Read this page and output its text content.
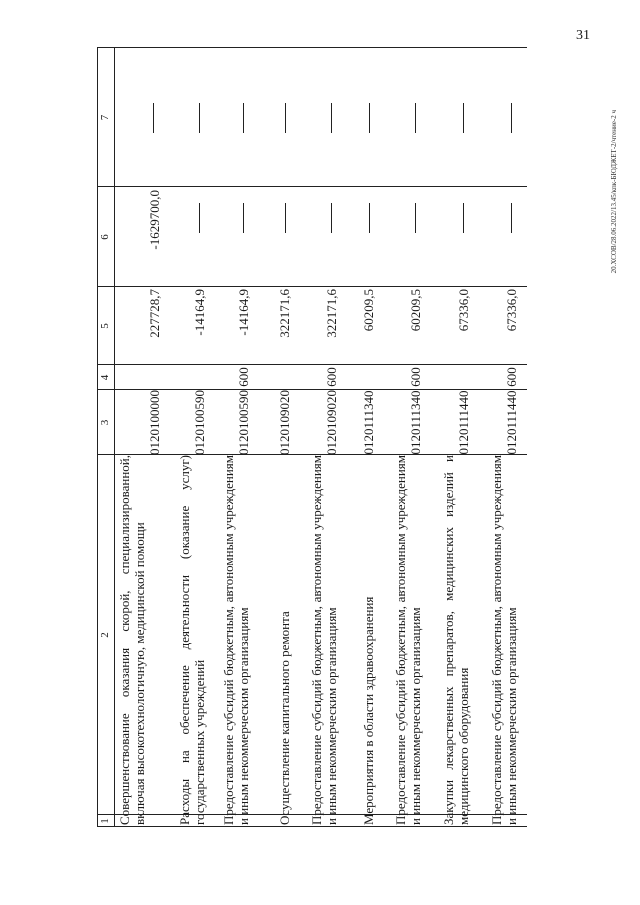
31
20.ХСОВ/28.06.2022/13.45/кпк-БЮДЖЕТ-2/чтение-2 ч
1
2
3
4
5
6
7
Совершенствование оказания скорой, специализированной, включая высокотехнологичную, медицинской помощи
0120100000
227728,7
-1629700,0
Расходы на обеспечение деятельности (оказание услуг) государственных учреждений
0120100590
-14164,9
Предоставление субсидий бюджетным, автономным учреждениям и иным некоммерческим организациям
0120100590
600
-14164,9
Осуществление капитального ремонта
0120109020
322171,6
Предоставление субсидий бюджетным, автономным учреждениям и иным некоммерческим организациям
0120109020
600
322171,6
Мероприятия в области здравоохранения
0120111340
60209,5
Предоставление субсидий бюджетным, автономным учреждениям и иным некоммерческим организациям
0120111340
600
60209,5
Закупки лекарственных препаратов, медицинских изделий и медицинского оборудования
0120111440
67336,0
Предоставление субсидий бюджетным, автономным учреждениям и иным некоммерческим организациям
0120111440
600
67336,0
